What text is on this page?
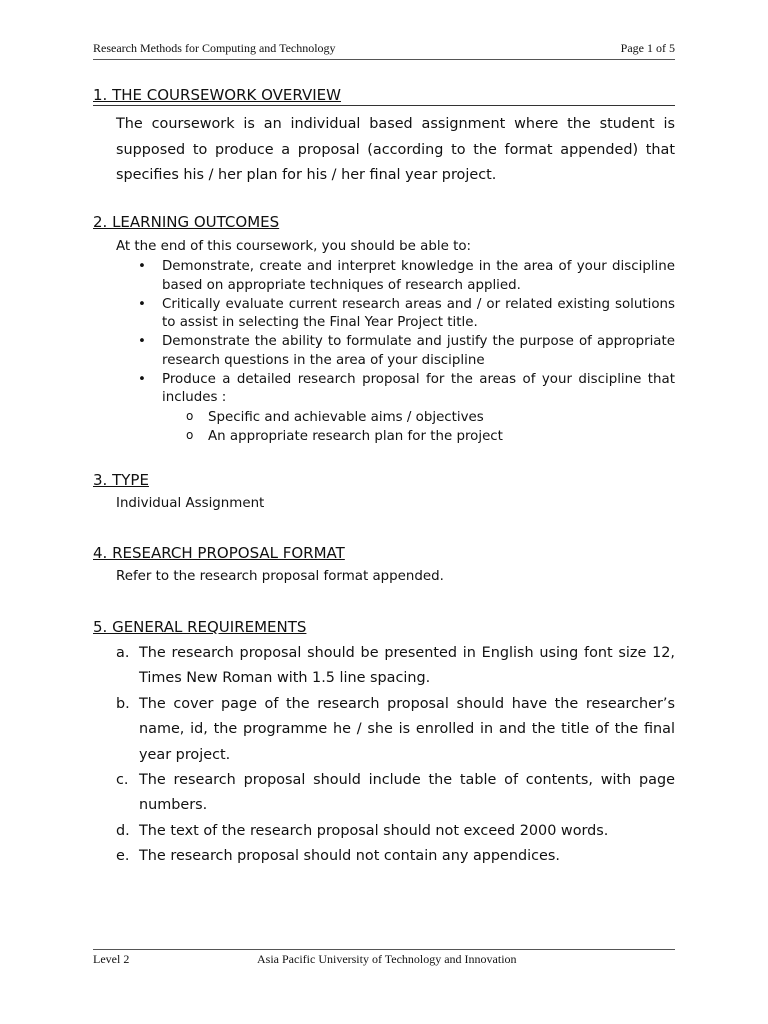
Research Methods for Computing and Technology	Page 1 of 5
1. THE COURSEWORK OVERVIEW

The coursework is an individual based assignment where the student is supposed to produce a proposal (according to the format appended) that specifies his / her plan for his / her final year project.

2. LEARNING OUTCOMES

At the end of this coursework, you should be able to:

• Demonstrate, create and interpret knowledge in the area of your discipline based on appropriate techniques of research applied.
• Critically evaluate current research areas and / or related existing solutions to assist in selecting the Final Year Project title.
• Demonstrate the ability to formulate and justify the purpose of appropriate research questions in the area of your discipline
• Produce a detailed research proposal for the areas of your discipline that includes :
o Specific and achievable aims / objectives
o An appropriate research plan for the project
3. TYPE

Individual Assignment

4. RESEARCH PROPOSAL FORMAT

Refer to the research proposal format appended.

5. GENERAL REQUIREMENTS
a. The research proposal should be presented in English using font size 12, Times New Roman with 1.5 line spacing.
b. The cover page of the research proposal should have the researcher’s name, id, the programme he / she is enrolled in and the title of the final year project.
c. The research proposal should include the table of contents, with page numbers.
d. The text of the research proposal should not exceed 2000 words.
e. The research proposal should not contain any appendices.
Level 2	Asia Pacific University of Technology and Innovation
